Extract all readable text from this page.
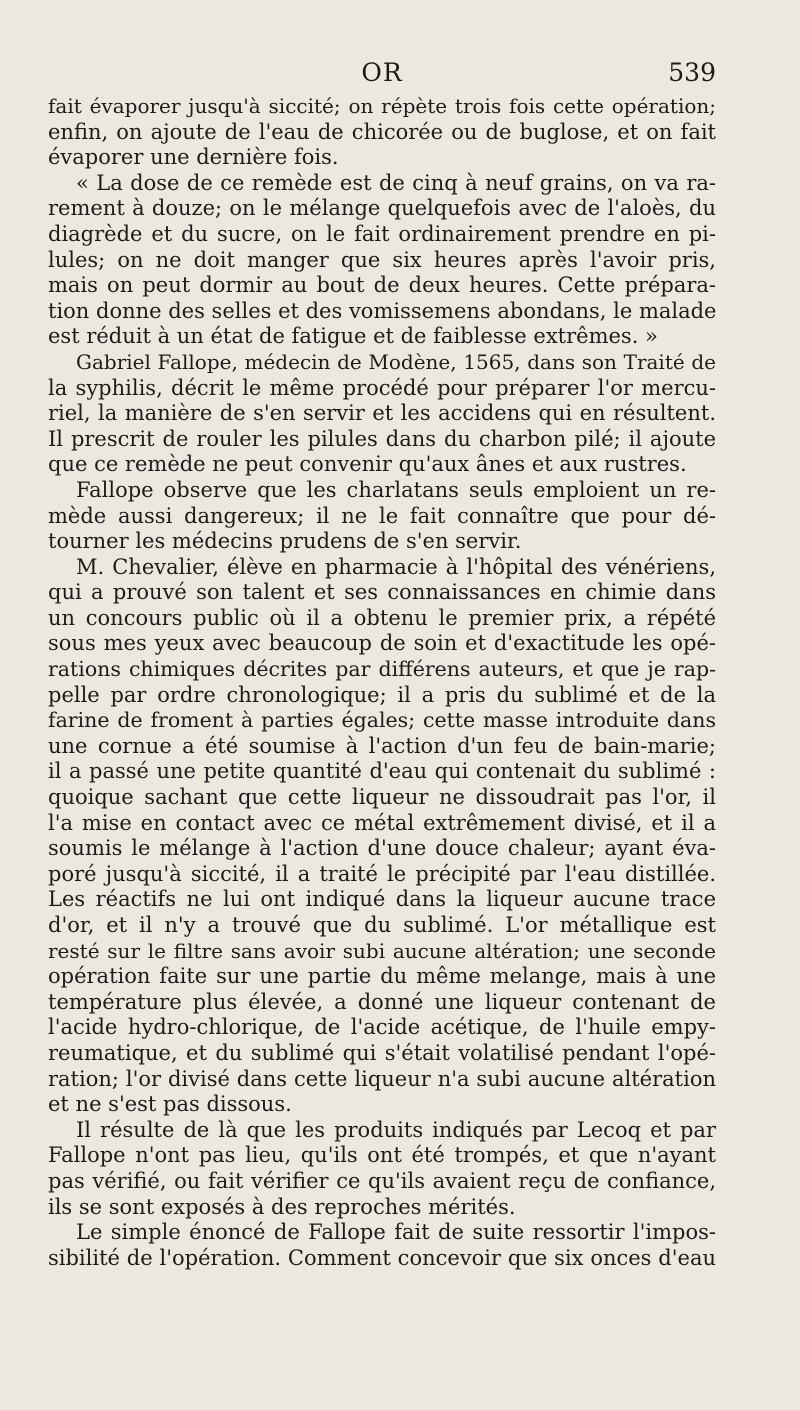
OR	539
fait évaporer jusqu'à siccité; on répète trois fois cette opération;
enfin, on ajoute de l'eau de chicorée ou de buglose, et on fait
évaporer une dernière fois.
« La dose de ce remède est de cinq à neuf grains, on va ra-
rement à douze; on le mélange quelquefois avec de l'aloès, du
diagrède et du sucre, on le fait ordinairement prendre en pi-
lules; on ne doit manger que six heures après l'avoir pris,
mais on peut dormir au bout de deux heures. Cette prépara-
tion donne des selles et des vomissemens abondans, le malade
est réduit à un état de fatigue et de faiblesse extrêmes. »
Gabriel Fallope, médecin de Modène, 1565, dans son Traité de
la syphilis, décrit le même procédé pour préparer l'or mercu-
riel, la manière de s'en servir et les accidens qui en résultent.
Il prescrit de rouler les pilules dans du charbon pilé; il ajoute
que ce remède ne peut convenir qu'aux ânes et aux rustres.
Fallope observe que les charlatans seuls emploient un re-
mède aussi dangereux; il ne le fait connaître que pour dé-
tourner les médecins prudens de s'en servir.
M. Chevalier, élève en pharmacie à l'hôpital des vénériens,
qui a prouvé son talent et ses connaissances en chimie dans
un concours public où il a obtenu le premier prix, a répété
sous mes yeux avec beaucoup de soin et d'exactitude les opé-
rations chimiques décrites par différens auteurs, et que je rap-
pelle par ordre chronologique; il a pris du sublimé et de la
farine de froment à parties égales; cette masse introduite dans
une cornue a été soumise à l'action d'un feu de bain-marie;
il a passé une petite quantité d'eau qui contenait du sublimé :
quoique sachant que cette liqueur ne dissoudrait pas l'or, il
l'a mise en contact avec ce métal extrêmement divisé, et il a
soumis le mélange à l'action d'une douce chaleur; ayant éva-
poré jusqu'à siccité, il a traité le précipité par l'eau distillée.
Les réactifs ne lui ont indiqué dans la liqueur aucune trace
d'or, et il n'y a trouvé que du sublimé. L'or métallique est
resté sur le filtre sans avoir subi aucune altération; une seconde
opération faite sur une partie du même melange, mais à une
température plus élevée, a donné une liqueur contenant de
l'acide hydro-chlorique, de l'acide acétique, de l'huile empy-
reumatique, et du sublimé qui s'était volatilisé pendant l'opé-
ration; l'or divisé dans cette liqueur n'a subi aucune altération
et ne s'est pas dissous.
Il résulte de là que les produits indiqués par Lecoq et par
Fallope n'ont pas lieu, qu'ils ont été trompés, et que n'ayant
pas vérifié, ou fait vérifier ce qu'ils avaient reçu de confiance,
ils se sont exposés à des reproches mérités.
Le simple énoncé de Fallope fait de suite ressortir l'impos-
sibilité de l'opération. Comment concevoir que six onces d'eau
